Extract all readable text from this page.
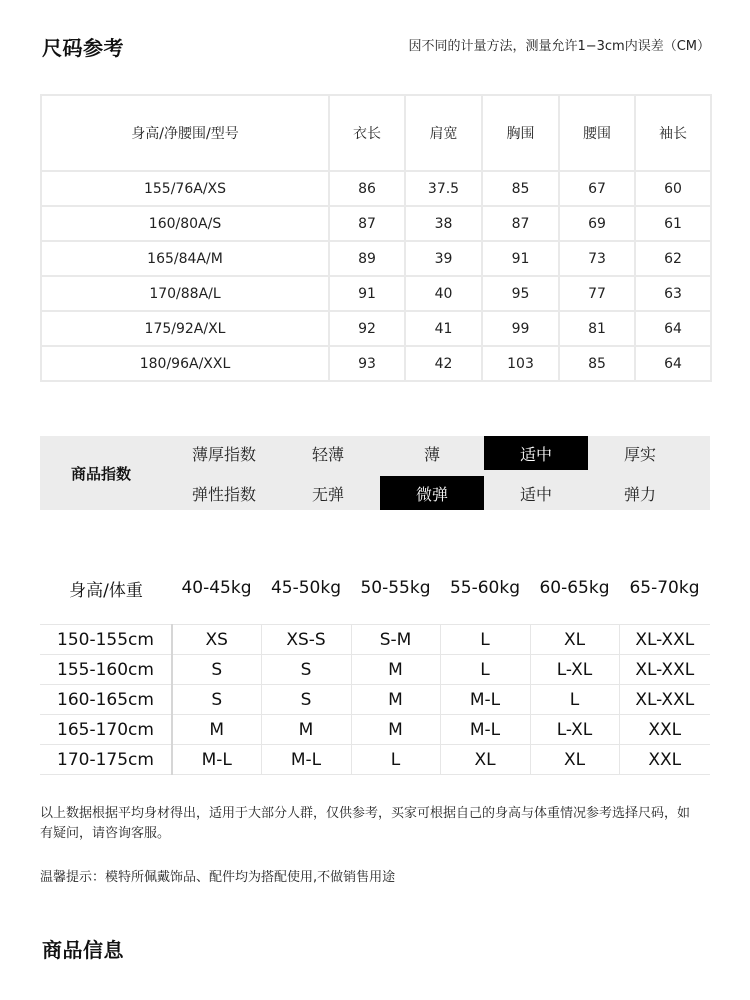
尺码参考	因不同的计量方法，测量允许1−3cm内误差（CM）
身高/净腰围/型号	衣长	肩宽	胸围	腰围	袖长
155/76A/XS	86	37.5	85	67	60
160/80A/S	87	38	87	69	61
165/84A/M	89	39	91	73	62
170/88A/L	91	40	95	77	63
175/92A/XL	92	41	99	81	64
180/96A/XXL	93	42	103	85	64
商品指数
薄厚指数	轻薄	薄	适中	厚实
弹性指数	无弹	微弹	适中	弹力
身高/体重	40-45kg	45-50kg	50-55kg	55-60kg	60-65kg	65-70kg
150-155cm	XS	XS-S	S-M	L	XL	XL-XXL
155-160cm	S	S	M	L	L-XL	XL-XXL
160-165cm	S	S	M	M-L	L	XL-XXL
165-170cm	M	M	M	M-L	L-XL	XXL
170-175cm	M-L	M-L	L	XL	XL	XXL
以上数据根据平均身材得出，适用于大部分人群，仅供参考，买家可根据自己的身高与体重情况参考选择尺码，如有疑问，请咨询客服。
温馨提示：模特所佩戴饰品、配件均为搭配使用,不做销售用途
商品信息
